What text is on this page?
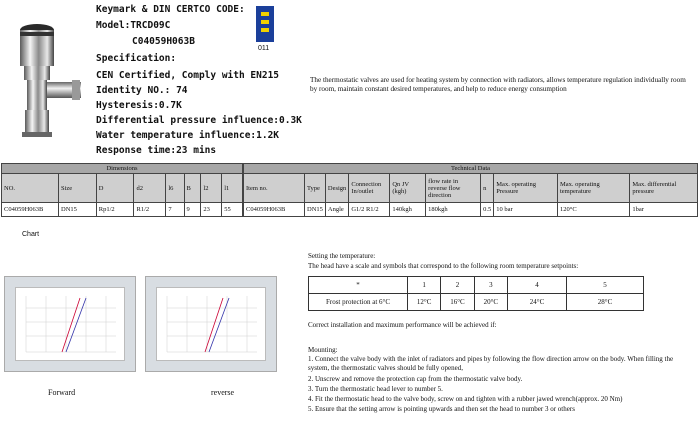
Keymark & DIN CERTCO CODE:
Model:TRCD09C
C04059H063B
Specification:
CEN Certified, Comply with EN215
Identity NO.: 74
Hysteresis:0.7K
Differential pressure influence:0.3K
Water temperature influence:1.2K
Response time:23 mins
011
The thermostatic valves are used for heating system by connection with radiators, allows temperature regulation individually room by room, maintain constant desired temperatures, and help to reduce energy consumption
Dimensions							
NO.	Size	D	d2	l6	B	l2	l1
C04059H063B	DN15	Rp1/2	R1/2	7	9	23	55
Technical Data									
Item no.	Type	Design	Connection In/outlet	Qn JV (kgh)	flow rate in reverse flow direction	n	Max. operating Pressure	Max. operating temperature	Max. differential pressure
C04059H063B	DN15	Angle	G1/2 R1/2	140kgh	180kgh	0.5	10 bar	120°C	1bar
Chart
Forward	reverse
Setting the temperature:
The head have a scale and symbols that correspond to the following room temperature setpoints:
*	1	2	3	4	5
Frost protection at 6°C	12°C	16°C	20°C	24°C	28°C
Correct installation and maximum performance will be achieved if:
Mounting:
1. Connect the valve body with the inlet of radiators and pipes by following the flow direction arrow on the body. When filling the system, the thermostatic valves should be fully opened,
2. Unscrew and remove the protection cap from the thermostatic valve body.
3. Turn the thermostatic head lever to number 5.
4. Fit the thermostatic head to the valve body, screw on and tighten with a rubber jawed wrench(approx. 20 Nm)
5. Ensure that the setting arrow is pointing upwards and then set the head to number 3 or others
